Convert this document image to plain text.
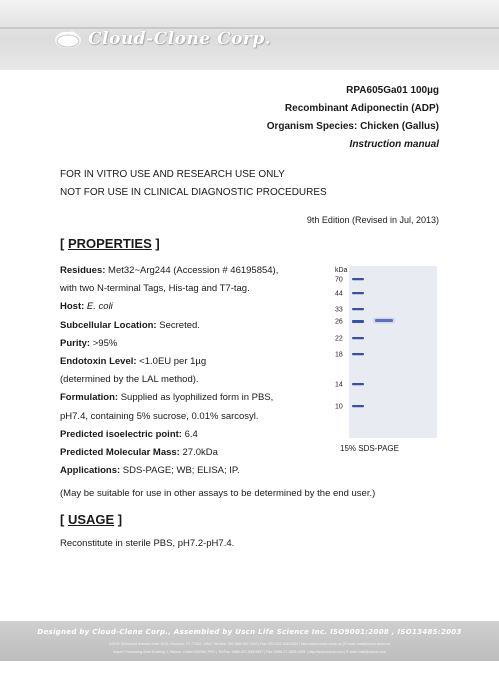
Cloud-Clone Corp.
RPA605Ga01 100µg
Recombinant Adiponectin (ADP)
Organism Species: Chicken (Gallus)
Instruction manual
FOR IN VITRO USE AND RESEARCH USE ONLY
NOT FOR USE IN CLINICAL DIAGNOSTIC PROCEDURES
9th Edition (Revised in Jul, 2013)
[ PROPERTIES ]
Residues: Met32~Arg244 (Accession # 46195854),
with two N-terminal Tags, His-tag and T7-tag.
Host: E. coli
Subcellular Location: Secreted.
Purity: >95%
Endotoxin Level: <1.0EU per 1µg
(determined by the LAL method).
Formulation: Supplied as lyophilized form in PBS,
pH7.4, containing 5% sucrose, 0.01% sarcosyl.
Predicted isoelectric point: 6.4
Predicted Molecular Mass: 27.0kDa
Applications: SDS-PAGE; WB; ELISA; IP.
(May be suitable for use in other assays to be determined by the end user.)
kDa
70
44
33
26
22
18
14
10
15% SDS-PAGE
[ USAGE ]
Reconstitute in sterile PBS, pH7.2-pH7.4.
Designed by Cloud-Clone Corp., Assembled by Uscn Life Science Inc. ISO9001:2008 , ISO13485:2003
USCN: Richmond Avenue Suite 1015, Houston, TX 77082, USA | Toll free: 001-888-960-7402 | Fax: 001-832-538-0384 | http://www.cloud-clone.us | E-mail: mail@cloud-clone.us
Import Processing Zone Building 2, Wuhan, Hubei 430056, PRC | Tel/Fax: 0086-027-845-9957 | Fax: 0086-27-8425-4951 | http://www.uscnk.com | E-mail: mail@uscnk.com
